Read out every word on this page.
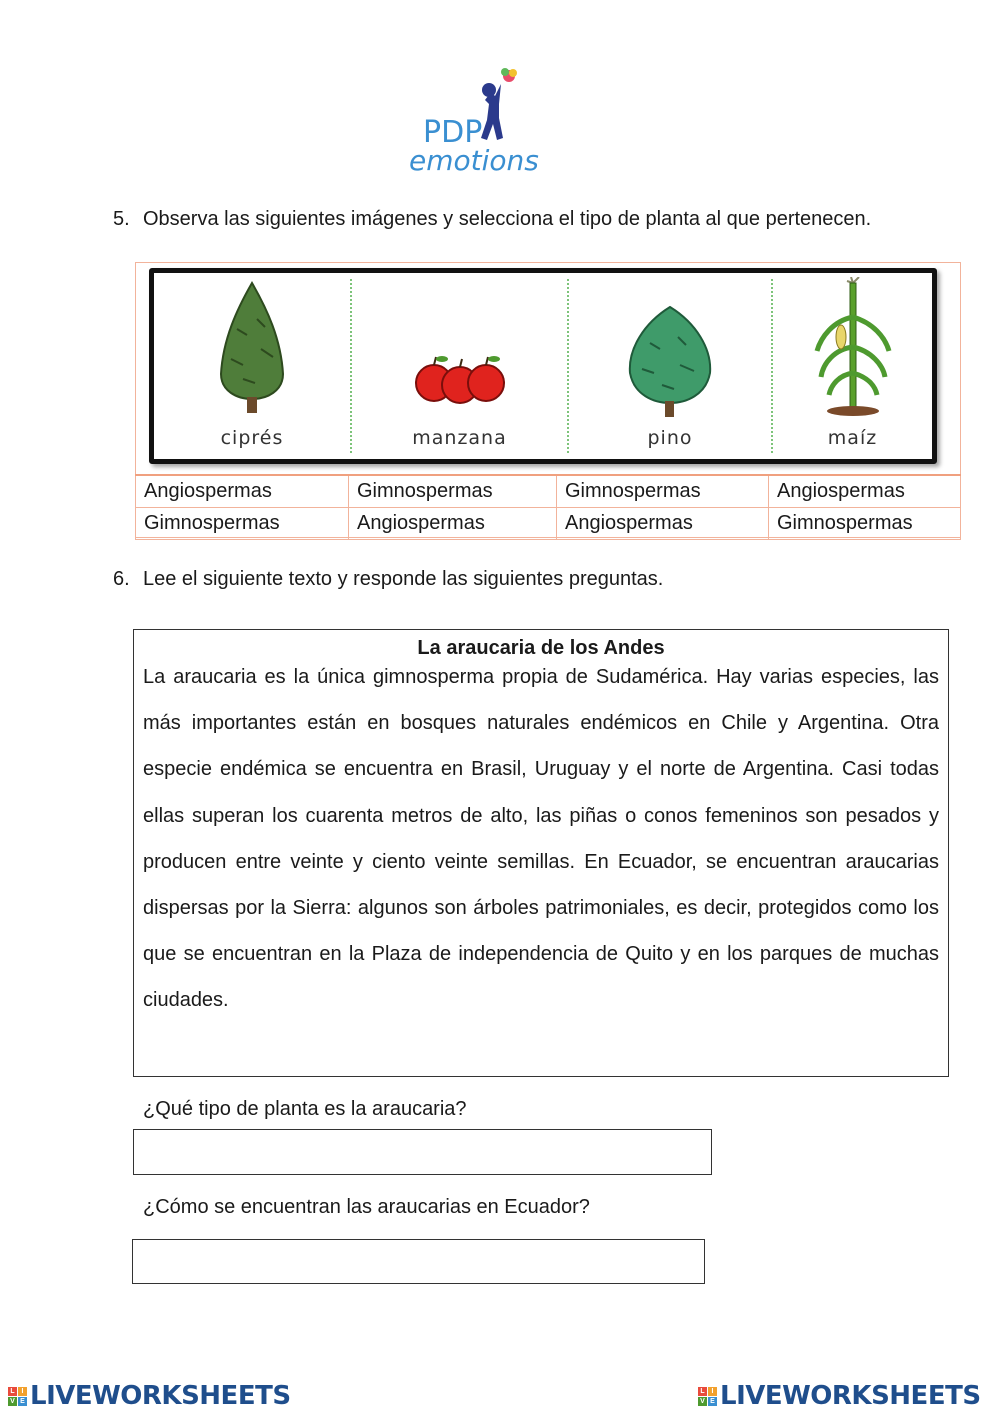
PDP
emotions
5. Observa las siguientes imágenes y selecciona el tipo de planta al que pertenecen.
ciprés	manzana	pino	maíz
Angiospermas	Gimnospermas	Gimnospermas	Angiospermas
Gimnospermas	Angiospermas	Angiospermas	Gimnospermas
6. Lee el siguiente texto y responde las siguientes preguntas.
La araucaria de los Andes
La araucaria es la única gimnosperma propia de Sudamérica. Hay varias especies, las más importantes están en bosques naturales endémicos en Chile y Argentina. Otra especie endémica se encuentra en Brasil, Uruguay y el norte de Argentina. Casi todas ellas superan los cuarenta metros de alto, las piñas o conos femeninos son pesados y producen entre veinte y ciento veinte semillas. En Ecuador, se encuentran araucarias dispersas por la Sierra: algunos son árboles patrimoniales, es decir, protegidos como los que se encuentran en la Plaza de independencia de Quito y en los parques de muchas ciudades.
¿Qué tipo de planta es la araucaria?
¿Cómo se encuentran las araucarias en Ecuador?
L I
V E LIVEWORKSHEETS	L I
V E LIVEWORKSHEETS
